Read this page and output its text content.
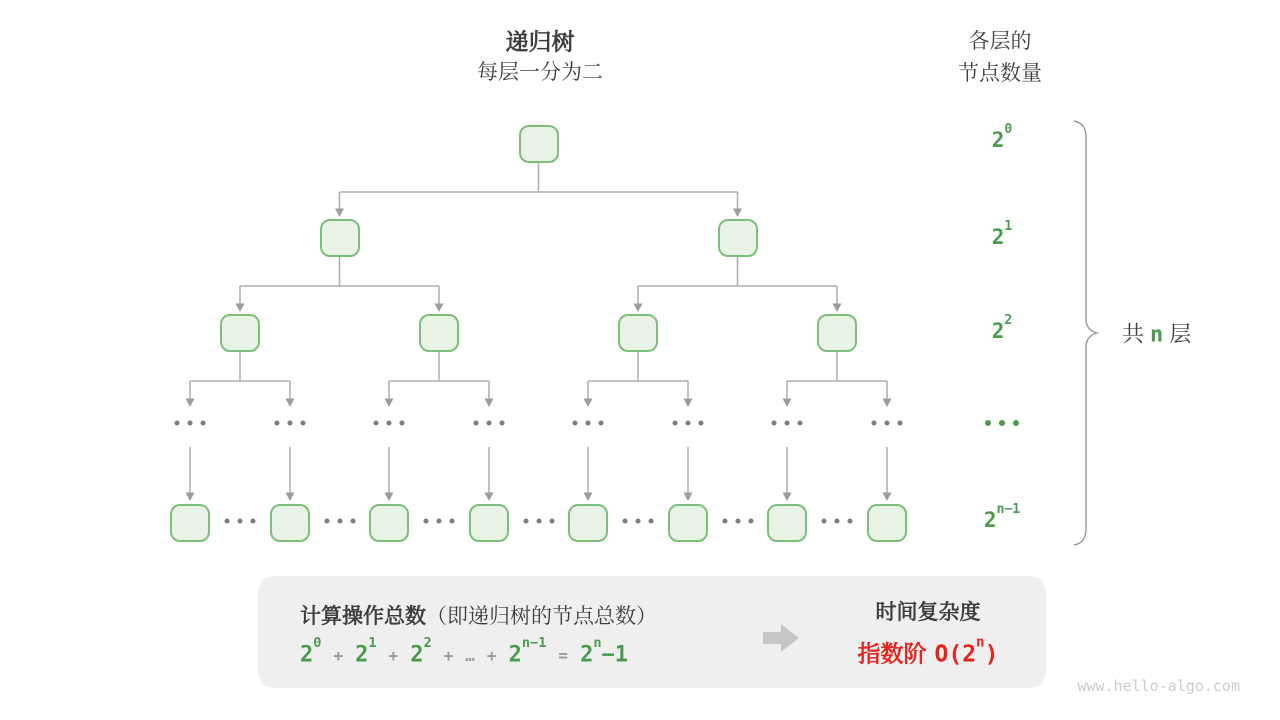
递归树
每层一分为二
各层的
节点数量
$2^0$
$2^1$
$2^2$
$2^{n-1}$
共 n 层
计算操作总数（即递归树的节点总数）
$2^0$
+ $2^1$
+ $2^2$
+ … + $2^{n-1}$
= $2^n-1$
时间复杂度
指数阶 O(2$^n$)
www.hello-algo.com
